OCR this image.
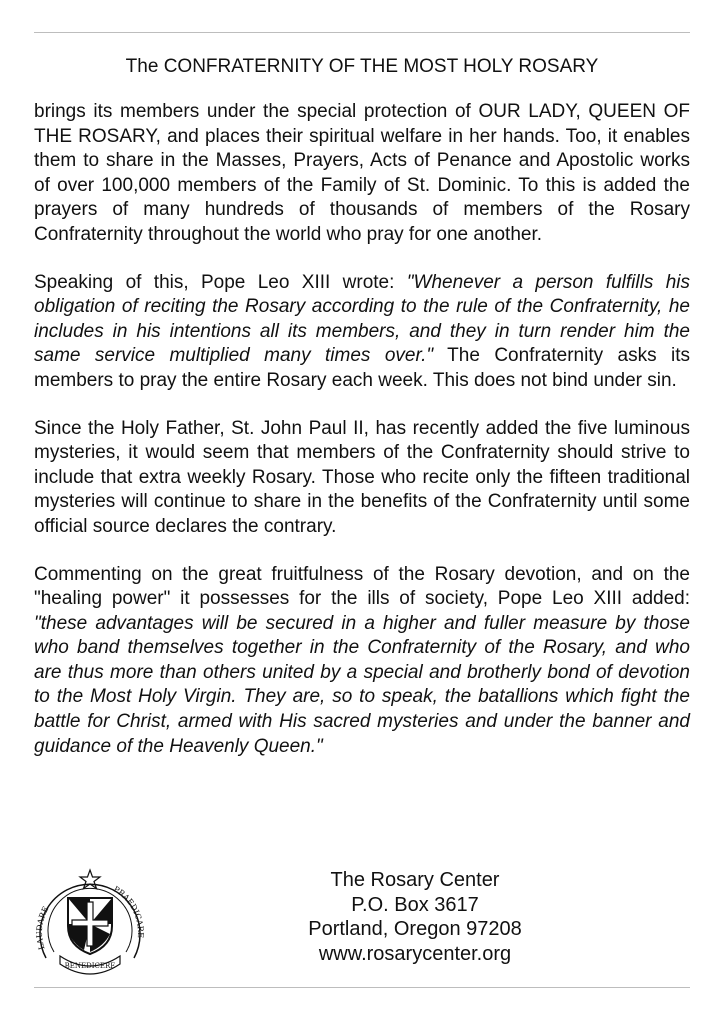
The CONFRATERNITY OF THE MOST HOLY ROSARY

brings its members under the special protection of OUR LADY, QUEEN OF THE ROSARY, and places their spiritual welfare in her hands. Too, it enables them to share in the Masses, Prayers, Acts of Penance and Apostolic works of over 100,000 members of the Family of St. Dominic. To this is added the prayers of many hundreds of thousands of members of the Rosary Confraternity throughout the world who pray for one another.

Speaking of this, Pope Leo XIII wrote: "Whenever a person fulfills his obligation of reciting the Rosary according to the rule of the Confraternity, he includes in his intentions all its members, and they in turn render him the same service multiplied many times over." The Confraternity asks its members to pray the entire Rosary each week. This does not bind under sin.

Since the Holy Father, St. John Paul II, has recently added the five luminous mysteries, it would seem that members of the Confraternity should strive to include that extra weekly Rosary. Those who recite only the fifteen traditional mysteries will continue to share in the benefits of the Confraternity until some official source declares the contrary.

Commenting on the great fruitfulness of the Rosary devotion, and on the "healing power" it possesses for the ills of society, Pope Leo XIII added: "these advantages will be secured in a higher and fuller measure by those who band themselves together in the Confraternity of the Rosary, and who are thus more than others united by a special and brotherly bond of devotion to the Most Holy Virgin. They are, so to speak, the batallions which fight the battle for Christ, armed with His sacred mysteries and under the banner and guidance of the Heavenly Queen."

LAUDARE
PRAEDICARE
BENEDICERE
The Rosary Center
P.O. Box 3617
Portland, Oregon 97208
www.rosarycenter.org
